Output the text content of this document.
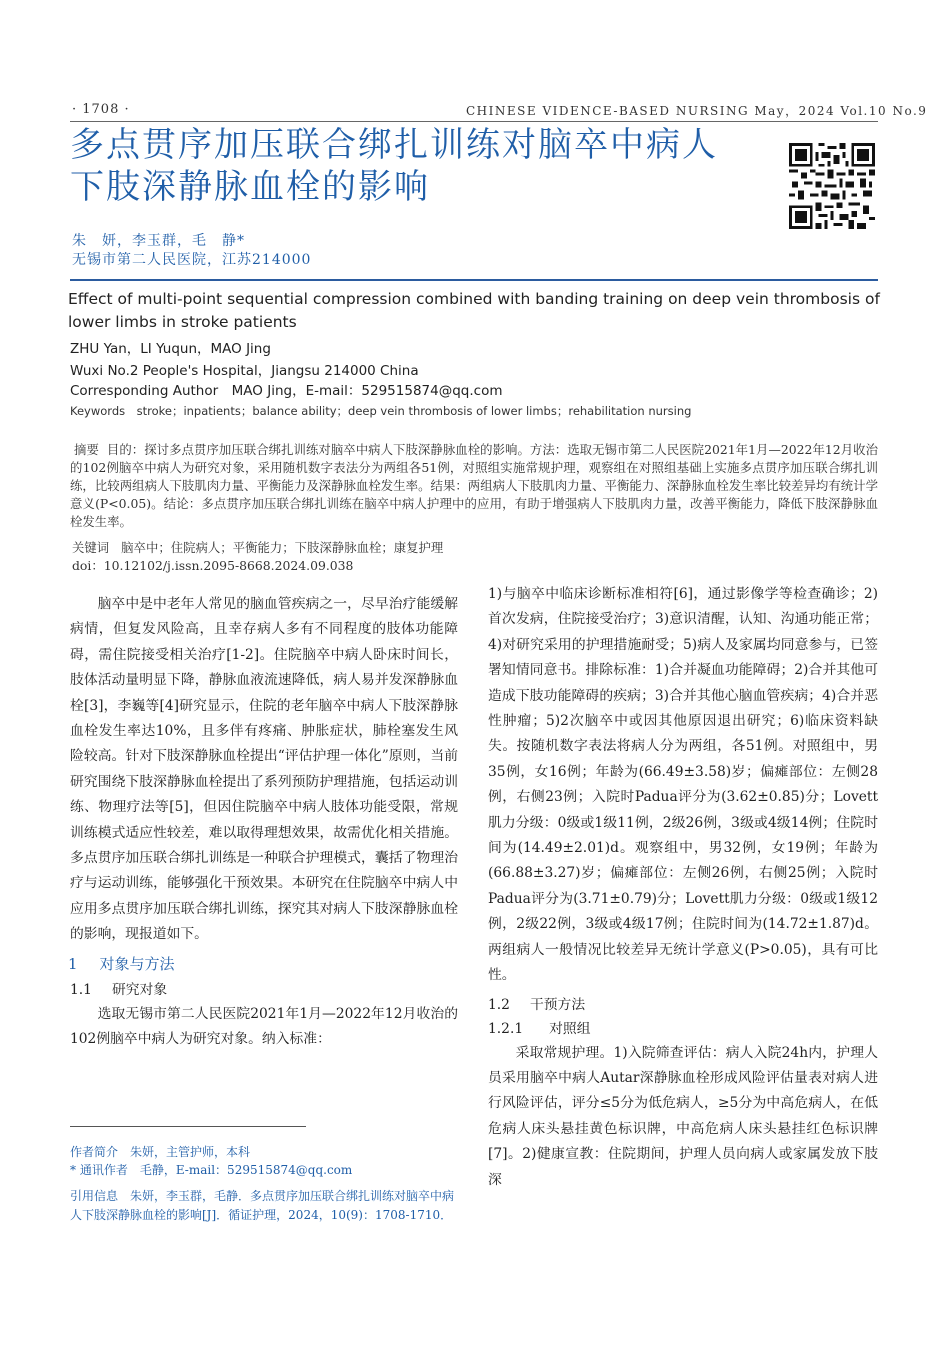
· 1708 ·	CHINESE VIDENCE-BASED NURSING May，2024 Vol.10 No.9
多点贯序加压联合绑扎训练对脑卒中病人
下肢深静脉血栓的影响
朱　妍，李玉群，毛　静*
无锡市第二人民医院，江苏214000
Effect of multi-point sequential compression combined with banding training on deep vein thrombosis of lower limbs in stroke patients
ZHU Yan，LI Yuqun，MAO Jing
Wuxi No.2 People's Hospital，Jiangsu 214000 China
Corresponding Author　MAO Jing，E-mail：529515874@qq.com
Keywords　stroke；inpatients；balance ability；deep vein thrombosis of lower limbs；rehabilitation nursing
摘要 目的：探讨多点贯序加压联合绑扎训练对脑卒中病人下肢深静脉血栓的影响。方法：选取无锡市第二人民医院2021年1月—2022年12月收治的102例脑卒中病人为研究对象，采用随机数字表法分为两组各51例，对照组实施常规护理，观察组在对照组基础上实施多点贯序加压联合绑扎训练，比较两组病人下肢肌肉力量、平衡能力及深静脉血栓发生率。结果：两组病人下肢肌肉力量、平衡能力、深静脉血栓发生率比较差异均有统计学意义(P<0.05)。结论：多点贯序加压联合绑扎训练在脑卒中病人护理中的应用，有助于增强病人下肢肌肉力量，改善平衡能力，降低下肢深静脉血栓发生率。
关键词 脑卒中；住院病人；平衡能力；下肢深静脉血栓；康复护理
doi：10.12102/j.issn.2095-8668.2024.09.038

脑卒中是中老年人常见的脑血管疾病之一，尽早治疗能缓解病情，但复发风险高，且幸存病人多有不同程度的肢体功能障碍，需住院接受相关治疗[1-2]。住院脑卒中病人卧床时间长，肢体活动量明显下降，静脉血液流速降低，病人易并发深静脉血栓[3]，李巍等[4]研究显示，住院的老年脑卒中病人下肢深静脉血栓发生率达10%，且多伴有疼痛、肿胀症状，肺栓塞发生风险较高。针对下肢深静脉血栓提出“评估护理一体化”原则，当前研究围绕下肢深静脉血栓提出了系列预防护理措施，包括运动训练、物理疗法等[5]，但因住院脑卒中病人肢体功能受限，常规训练模式适应性较差，难以取得理想效果，故需优化相关措施。多点贯序加压联合绑扎训练是一种联合护理模式，囊括了物理治疗与运动训练，能够强化干预效果。本研究在住院脑卒中病人中应用多点贯序加压联合绑扎训练，探究其对病人下肢深静脉血栓的影响，现报道如下。

1 对象与方法
1.1 研究对象

选取无锡市第二人民医院2021年1月—2022年12月收治的102例脑卒中病人为研究对象。纳入标准：

1)与脑卒中临床诊断标准相符[6]，通过影像学等检查确诊；2)首次发病，住院接受治疗；3)意识清醒，认知、沟通功能正常；4)对研究采用的护理措施耐受；5)病人及家属均同意参与，已签署知情同意书。排除标准：1)合并凝血功能障碍；2)合并其他可造成下肢功能障碍的疾病；3)合并其他心脑血管疾病；4)合并恶性肿瘤；5)2次脑卒中或因其他原因退出研究；6)临床资料缺失。按随机数字表法将病人分为两组，各51例。对照组中，男35例，女16例；年龄为(66.49±3.58)岁；偏瘫部位：左侧28例，右侧23例；入院时Padua评分为(3.62±0.85)分；Lovett肌力分级：0级或1级11例，2级26例，3级或4级14例；住院时间为(14.49±2.01)d。观察组中，男32例，女19例；年龄为(66.88±3.27)岁；偏瘫部位：左侧26例，右侧25例；入院时Padua评分为(3.71±0.79)分；Lovett肌力分级：0级或1级12例，2级22例，3级或4级17例；住院时间为(14.72±1.87)d。两组病人一般情况比较差异无统计学意义(P>0.05)，具有可比性。

1.2 干预方法
1.2.1 对照组

采取常规护理。1)入院筛查评估：病人入院24h内，护理人员采用脑卒中病人Autar深静脉血栓形成风险评估量表对病人进行风险评估，评分≤5分为低危病人，≥5分为中高危病人，在低危病人床头悬挂黄色标识牌，中高危病人床头悬挂红色标识牌[7]。2)健康宣教：住院期间，护理人员向病人或家属发放下肢深

作者简介　朱妍，主管护师，本科
* 通讯作者　毛静，E-mail：529515874@qq.com
引用信息　朱妍，李玉群，毛静．多点贯序加压联合绑扎训练对脑卒中病人下肢深静脉血栓的影响[J]．循证护理，2024，10(9)：1708-1710．
